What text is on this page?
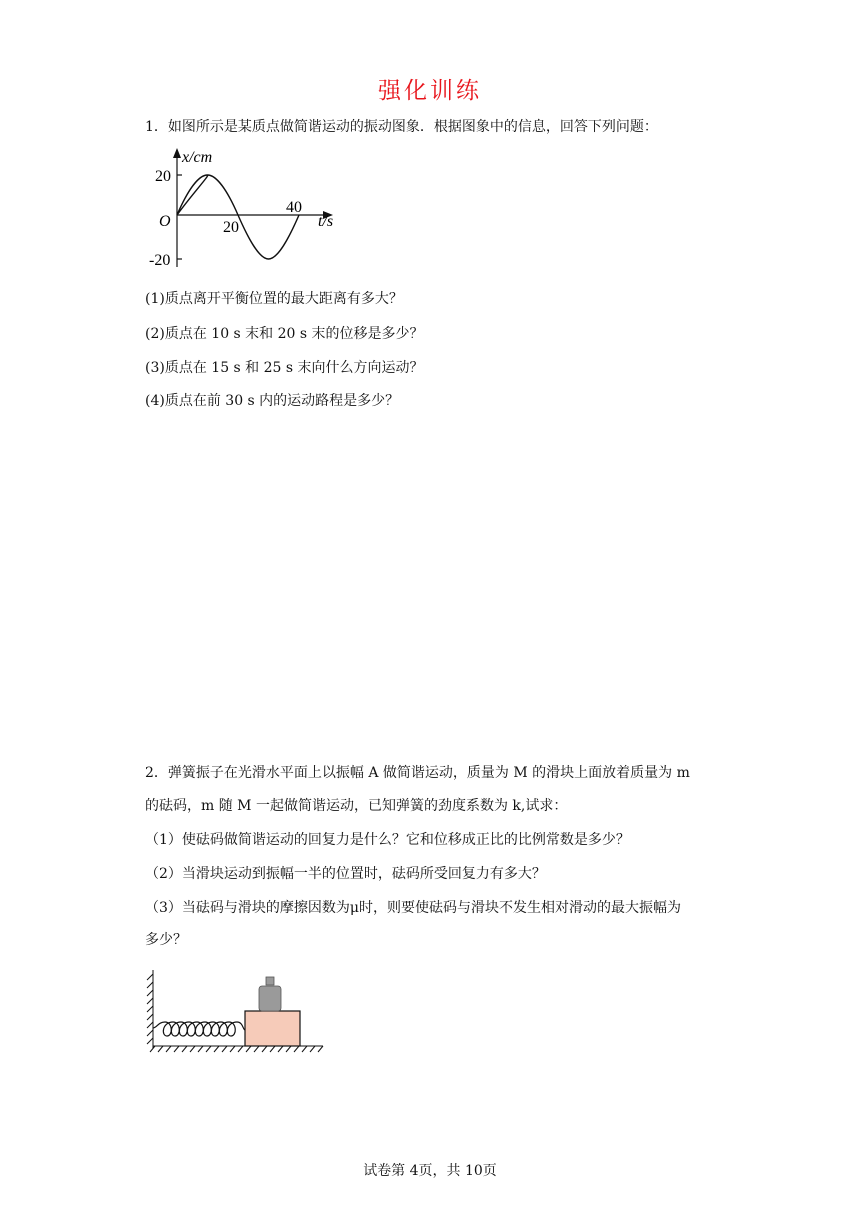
强化训练
1．如图所示是某质点做简谐运动的振动图象．根据图象中的信息，回答下列问题：
x/cm
t/s
O
20
-20
20
40
(1)质点离开平衡位置的最大距离有多大？
(2)质点在 10 s 末和 20 s 末的位移是多少？
(3)质点在 15 s 和 25 s 末向什么方向运动？
(4)质点在前 30 s 内的运动路程是多少？
2．弹簧振子在光滑水平面上以振幅 A 做简谐运动，质量为 M 的滑块上面放着质量为 m
的砝码，m 随 M 一起做简谐运动，已知弹簧的劲度系数为 k,试求：
（1）使砝码做简谐运动的回复力是什么？它和位移成正比的比例常数是多少？
（2）当滑块运动到振幅一半的位置时，砝码所受回复力有多大？
（3）当砝码与滑块的摩擦因数为μ时，则要使砝码与滑块不发生相对滑动的最大振幅为
多少？
试卷第 4页，共 10页
